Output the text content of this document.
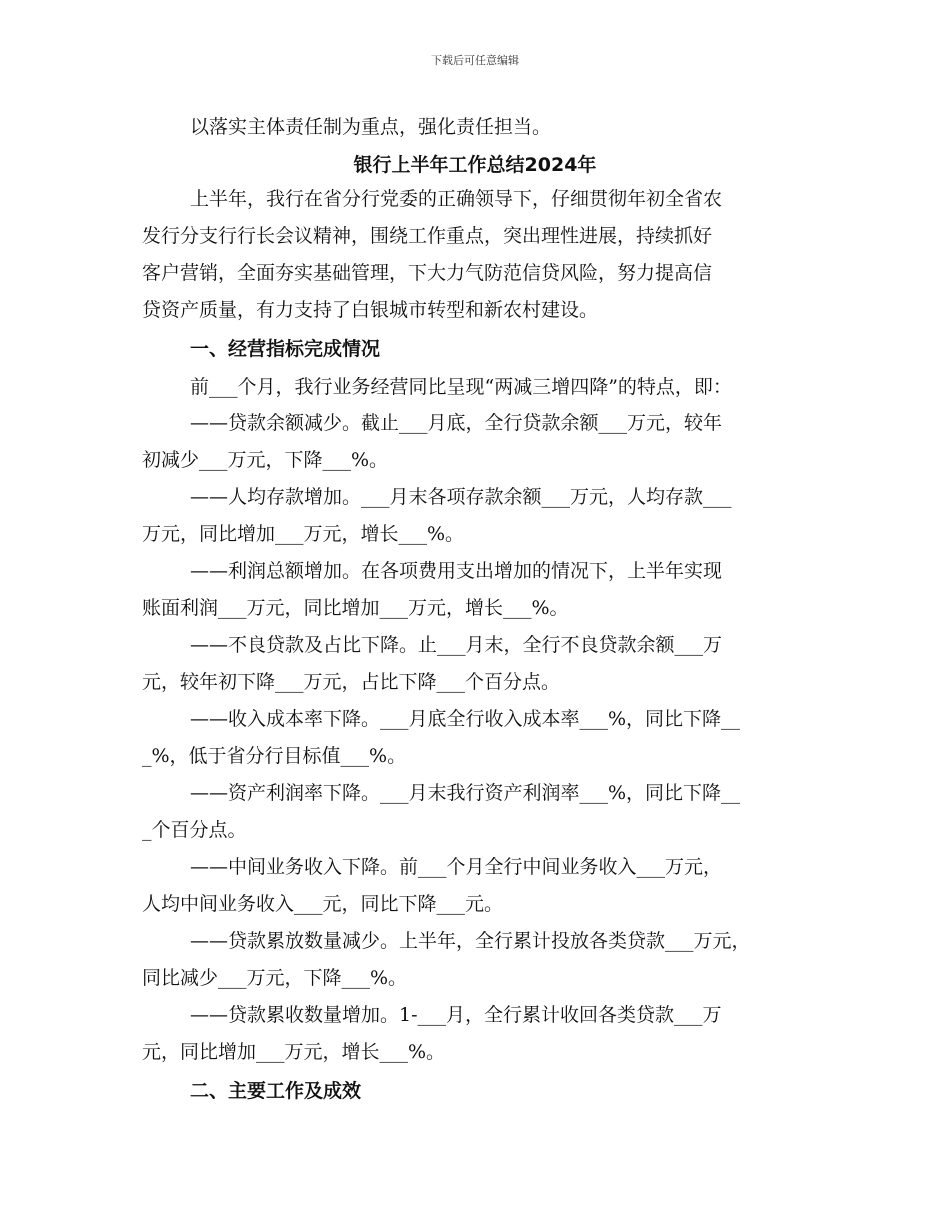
下载后可任意编辑
以落实主体责任制为重点，强化责任担当。
银行上半年工作总结2024年
上半年，我行在省分行党委的正确领导下，仔细贯彻年初全省农
发行分支行行长会议精神，围绕工作重点，突出理性进展，持续抓好
客户营销，全面夯实基础管理，下大力气防范信贷风险，努力提高信
贷资产质量，有力支持了白银城市转型和新农村建设。
一、经营指标完成情况
前___个月，我行业务经营同比呈现“两减三增四降”的特点，即：
——贷款余额减少。截止___月底，全行贷款余额___万元，较年
初减少___万元，下降___%。
——人均存款增加。___月末各项存款余额___万元，人均存款___
万元，同比增加___万元，增长___%。
——利润总额增加。在各项费用支出增加的情况下，上半年实现
账面利润___万元，同比增加___万元，增长___%。
——不良贷款及占比下降。止___月末，全行不良贷款余额___万
元，较年初下降___万元，占比下降___个百分点。
——收入成本率下降。___月底全行收入成本率___%，同比下降__
_%，低于省分行目标值___%。
——资产利润率下降。___月末我行资产利润率___%，同比下降__
_个百分点。
——中间业务收入下降。前___个月全行中间业务收入___万元，
人均中间业务收入___元，同比下降___元。
——贷款累放数量减少。上半年，全行累计投放各类贷款___万元，
同比减少___万元，下降___%。
——贷款累收数量增加。1-___月，全行累计收回各类贷款___万
元，同比增加___万元，增长___%。
二、主要工作及成效
